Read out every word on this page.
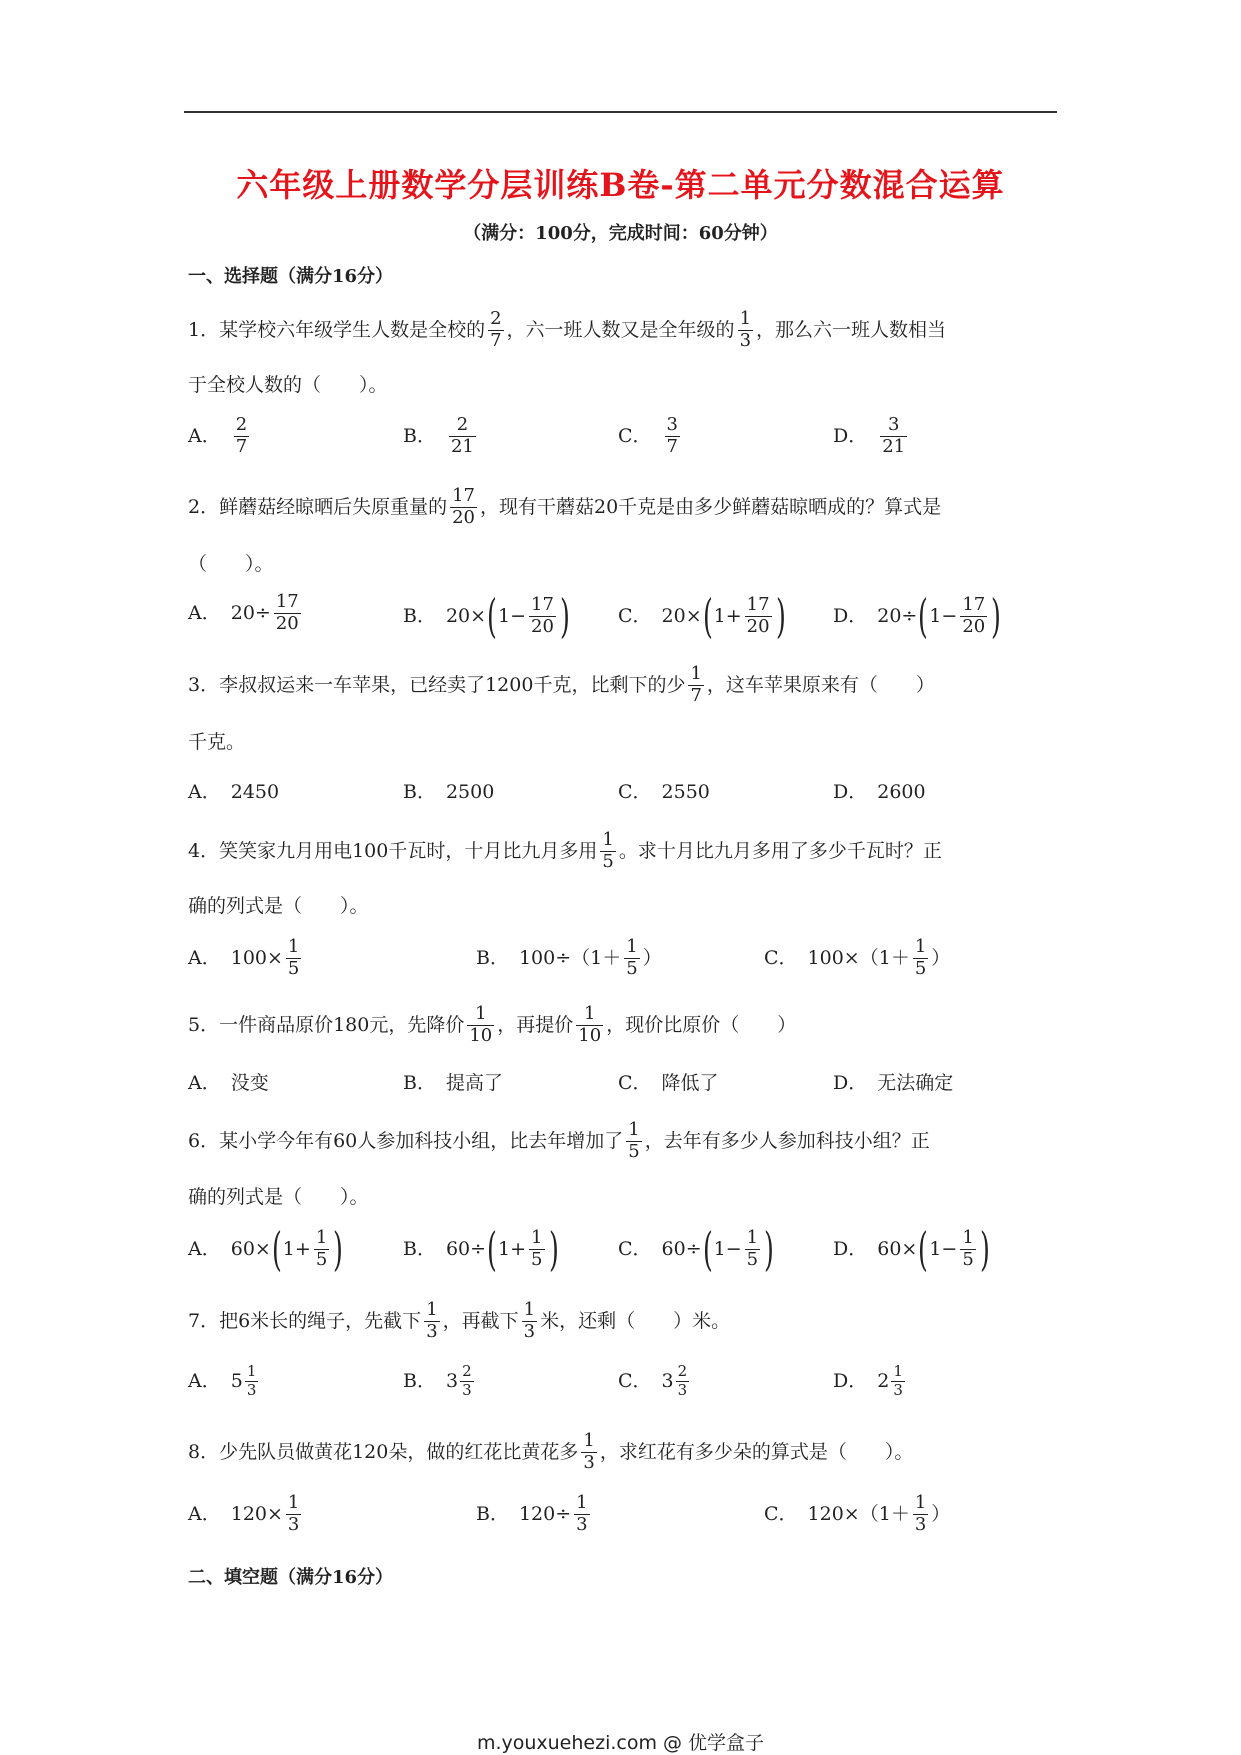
六年级上册数学分层训练B卷-第二单元分数混合运算
（满分：100分，完成时间：60分钟）
一、选择题（满分16分）
1．某学校六年级学生人数是全校的 $\frac{2}{7}$ ，六一班人数又是全年级的 $\frac{1}{3}$ ，那么六一班人数相当
于全校人数的（　　）。
A． $\frac{2}{7}$	B． $\frac{2}{21}$	C． $\frac{3}{7}$	D． $\frac{3}{21}$
2．鲜蘑菇经晾晒后失原重量的 $\frac{17}{20}$ ，现有干蘑菇20千克是由多少鲜蘑菇晾晒成的？算式是
（　　）。
A． $20\div \frac{17}{20}$	B． 20× ( $1- \frac{17}{20}$ )	C． 20× ( $1+ \frac{17}{20}$ )	D． 20÷ ( $1- \frac{17}{20}$ )
3．李叔叔运来一车苹果，已经卖了1200千克，比剩下的少 $\frac{1}{7}$ ，这车苹果原来有（　　）
千克。
A． 2450	B． 2500	C． 2550	D． 2600
4．笑笑家九月用电100千瓦时，十月比九月多用 $\frac{1}{5}$ 。求十月比九月多用了多少千瓦时？正
确的列式是（　　）。
A． $100\times \frac{1}{5}$	B． $100\div(1+ \frac{1}{5}$ ）	C． $100\times(1+ \frac{1}{5}$ ）
5．一件商品原价180元，先降价 $\frac{1}{10}$ ，再提价 $\frac{1}{10}$ ，现价比原价（　　）
A． 没变	B． 提高了	C． 降低了	D． 无法确定
6．某小学今年有60人参加科技小组，比去年增加了 $\frac{1}{5}$ ，去年有多少人参加科技小组？正
确的列式是（　　）。
A． 60× ( $1+ \frac{1}{5}$ )	B． 60÷ ( $1+ \frac{1}{5}$ )	C． 60÷ ( $1- \frac{1}{5}$ )	D． 60× ( $1- \frac{1}{5}$ )
7．把6米长的绳子，先截下 $\frac{1}{3}$ ，再截下 $\frac{1}{3}$ 米，还剩（　　）米。
A． $5 \frac{1}{3}$	B． $3 \frac{2}{3}$	C． $3 \frac{2}{3}$	D． $2 \frac{1}{3}$
8．少先队员做黄花120朵，做的红花比黄花多 $\frac{1}{3}$ ，求红花有多少朵的算式是（　　）。
A． $120\times \frac{1}{3}$	B． $120\div \frac{1}{3}$	C． $120\times(1+ \frac{1}{3}$ ）
二、填空题（满分16分）
m.youxuehezi.com @ 优学盒子
